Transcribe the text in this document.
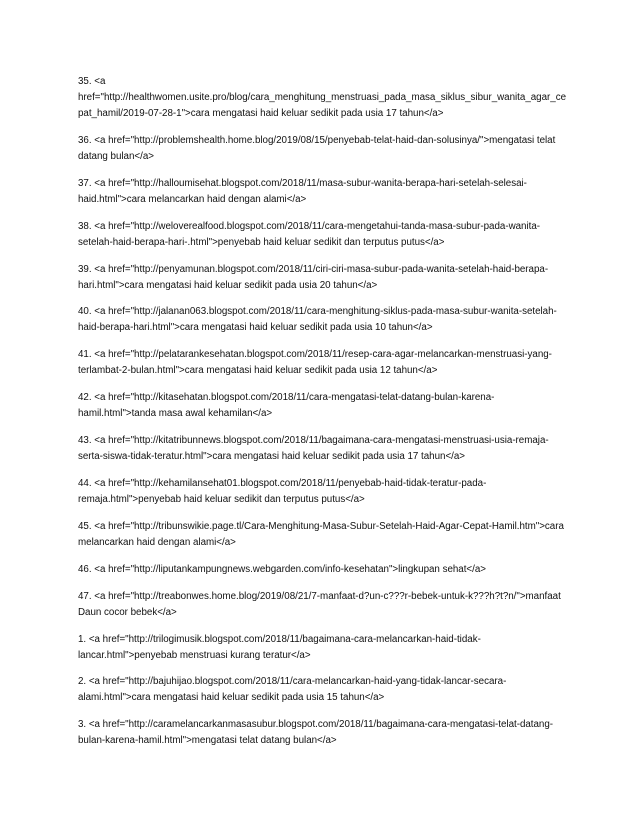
35. <a href="http://healthwomen.usite.pro/blog/cara_menghitung_menstruasi_pada_masa_siklus_sibur_wanita_agar_cepat_hamil/2019-07-28-1">cara mengatasi haid keluar sedikit pada usia 17 tahun</a>

36. <a href="http://problemshealth.home.blog/2019/08/15/penyebab-telat-haid-dan-solusinya/">mengatasi telat datang bulan</a>

37. <a href="http://halloumisehat.blogspot.com/2018/11/masa-subur-wanita-berapa-hari-setelah-selesai-haid.html">cara melancarkan haid dengan alami</a>

38. <a href="http://weloverealfood.blogspot.com/2018/11/cara-mengetahui-tanda-masa-subur-pada-wanita-setelah-haid-berapa-hari-.html">penyebab haid keluar sedikit dan terputus putus</a>

39. <a href="http://penyamunan.blogspot.com/2018/11/ciri-ciri-masa-subur-pada-wanita-setelah-haid-berapa-hari.html">cara mengatasi haid keluar sedikit pada usia 20 tahun</a>

40. <a href="http://jalanan063.blogspot.com/2018/11/cara-menghitung-siklus-pada-masa-subur-wanita-setelah-haid-berapa-hari.html">cara mengatasi haid keluar sedikit pada usia 10 tahun</a>

41. <a href="http://pelatarankesehatan.blogspot.com/2018/11/resep-cara-agar-melancarkan-menstruasi-yang-terlambat-2-bulan.html">cara mengatasi haid keluar sedikit pada usia 12 tahun</a>

42. <a href="http://kitasehatan.blogspot.com/2018/11/cara-mengatasi-telat-datang-bulan-karena-hamil.html">tanda masa awal kehamilan</a>

43. <a href="http://kitatribunnews.blogspot.com/2018/11/bagaimana-cara-mengatasi-menstruasi-usia-remaja-serta-siswa-tidak-teratur.html">cara mengatasi haid keluar sedikit pada usia 17 tahun</a>

44. <a href="http://kehamilansehat01.blogspot.com/2018/11/penyebab-haid-tidak-teratur-pada-remaja.html">penyebab haid keluar sedikit dan terputus putus</a>

45. <a href="http://tribunswikie.page.tl/Cara-Menghitung-Masa-Subur-Setelah-Haid-Agar-Cepat-Hamil.htm">cara melancarkan haid dengan alami</a>

46. <a href="http://liputankampungnews.webgarden.com/info-kesehatan">lingkupan sehat</a>

47. <a href="http://treabonwes.home.blog/2019/08/21/7-manfaat-d?un-c???r-bebek-untuk-k???h?t?n/">manfaat Daun cocor bebek</a>

1. <a href="http://trilogimusik.blogspot.com/2018/11/bagaimana-cara-melancarkan-haid-tidak-lancar.html">penyebab menstruasi kurang teratur</a>

2. <a href="http://bajuhijao.blogspot.com/2018/11/cara-melancarkan-haid-yang-tidak-lancar-secara-alami.html">cara mengatasi haid keluar sedikit pada usia 15 tahun</a>

3. <a href="http://caramelancarkanmasasubur.blogspot.com/2018/11/bagaimana-cara-mengatasi-telat-datang-bulan-karena-hamil.html">mengatasi telat datang bulan</a>
